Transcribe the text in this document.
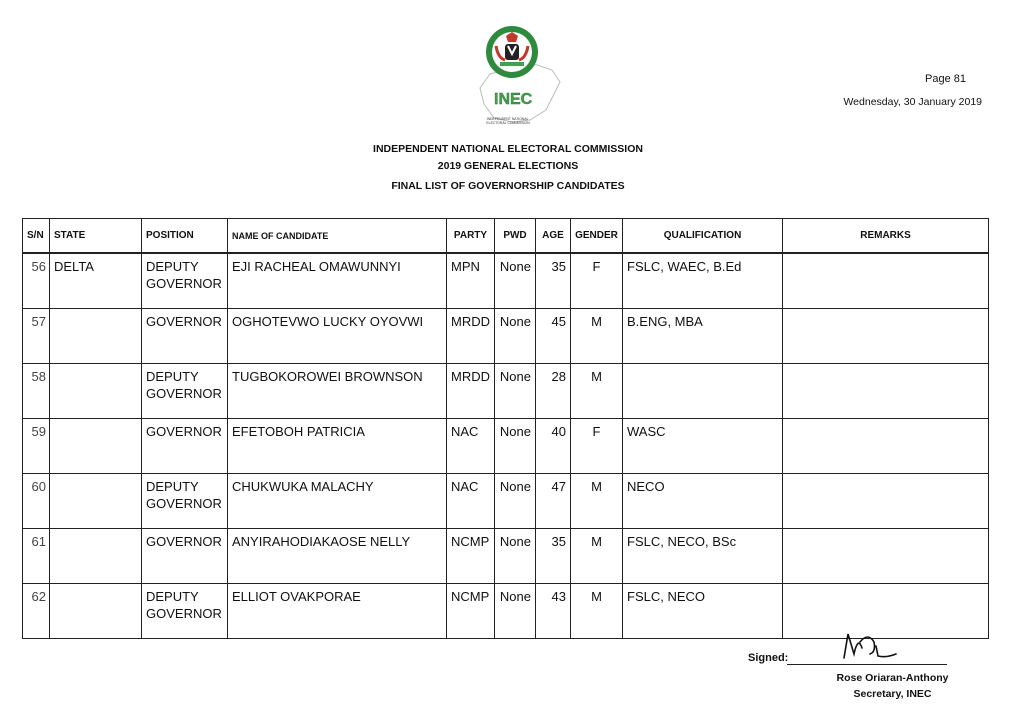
INEC
INDEPENDENT NATIONAL ELECTORAL COMMISSION
Page 81
Wednesday, 30 January 2019
INDEPENDENT NATIONAL ELECTORAL COMMISSION
2019 GENERAL ELECTIONS
FINAL LIST OF GOVERNORSHIP CANDIDATES
S/N	STATE	POSITION	NAME OF CANDIDATE	PARTY	PWD	AGE	GENDER	QUALIFICATION	REMARKS
56	DELTA	DEPUTY GOVERNOR	EJI RACHEAL OMAWUNNYI	MPN	None	35	F	FSLC, WAEC, B.Ed	
57		GOVERNOR	OGHOTEVWO LUCKY OYOVWI	MRDD	None	45	M	B.ENG, MBA	
58		DEPUTY GOVERNOR	TUGBOKOROWEI BROWNSON	MRDD	None	28	M		
59		GOVERNOR	EFETOBOH PATRICIA	NAC	None	40	F	WASC	
60		DEPUTY GOVERNOR	CHUKWUKA MALACHY	NAC	None	47	M	NECO	
61		GOVERNOR	ANYIRAHODIAKAOSE NELLY	NCMP	None	35	M	FSLC, NECO, BSc	
62		DEPUTY GOVERNOR	ELLIOT OVAKPORAE	NCMP	None	43	M	FSLC, NECO	
Signed:
Rose Oriaran-Anthony
Secretary, INEC
